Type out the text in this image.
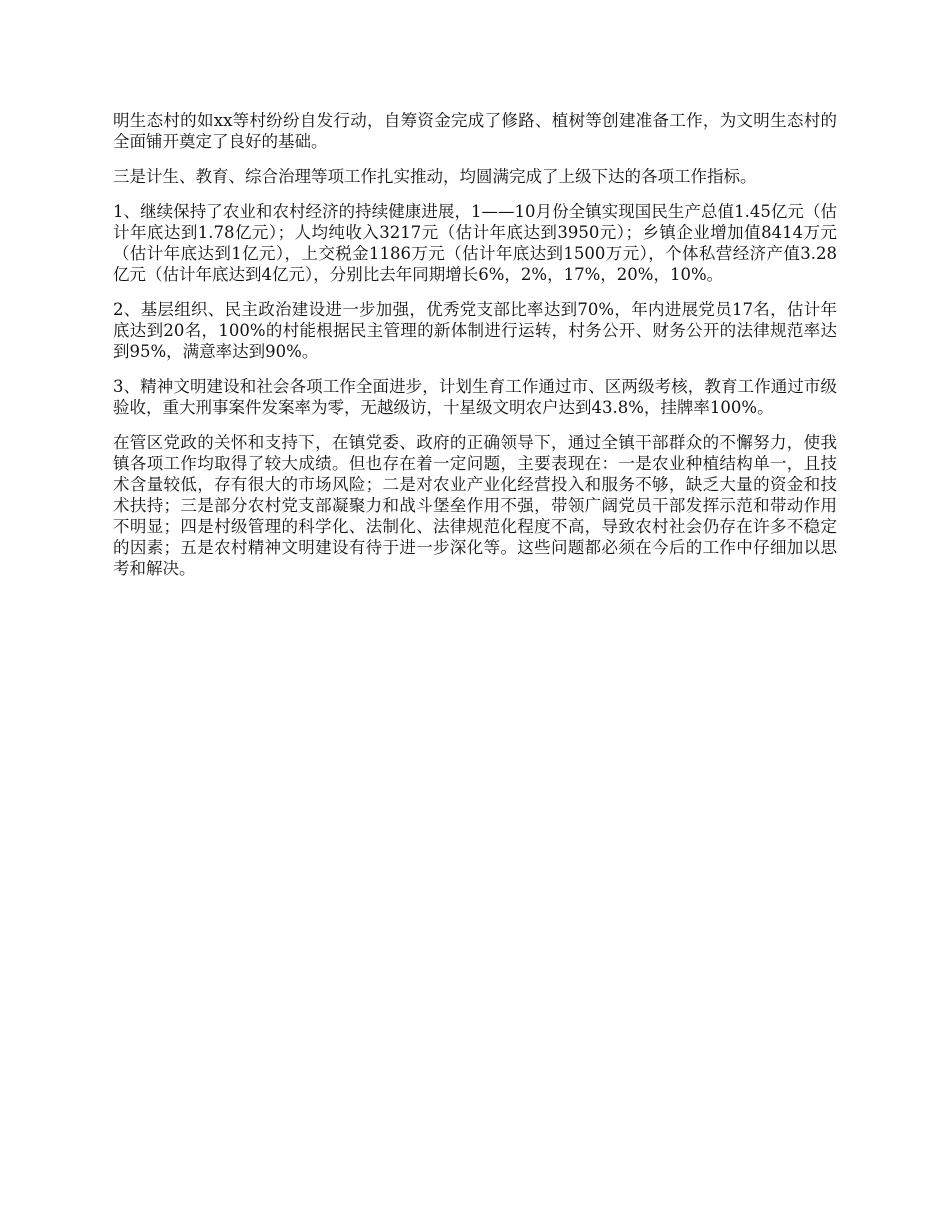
明生态村的如xx等村纷纷自发行动，自筹资金完成了修路、植树等创建准备工作，为文明生态村的全面铺开奠定了良好的基础。

三是计生、教育、综合治理等项工作扎实推动，均圆满完成了上级下达的各项工作指标。

1、继续保持了农业和农村经济的持续健康进展，1——10月份全镇实现国民生产总值1.45亿元（估计年底达到1.78亿元）；人均纯收入3217元（估计年底达到3950元）；乡镇企业增加值8414万元（估计年底达到1亿元），上交税金1186万元（估计年底达到1500万元），个体私营经济产值3.28亿元（估计年底达到4亿元），分别比去年同期增长6%，2%，17%，20%，10%。

2、基层组织、民主政治建设进一步加强，优秀党支部比率达到70%，年内进展党员17名，估计年底达到20名，100%的村能根据民主管理的新体制进行运转，村务公开、财务公开的法律规范率达到95%，满意率达到90%。

3、精神文明建设和社会各项工作全面进步，计划生育工作通过市、区两级考核，教育工作通过市级验收，重大刑事案件发案率为零，无越级访，十星级文明农户达到43.8%，挂牌率100%。

在管区党政的关怀和支持下，在镇党委、政府的正确领导下，通过全镇干部群众的不懈努力，使我镇各项工作均取得了较大成绩。但也存在着一定问题，主要表现在：一是农业种植结构单一，且技术含量较低，存有很大的市场风险；二是对农业产业化经营投入和服务不够，缺乏大量的资金和技术扶持；三是部分农村党支部凝聚力和战斗堡垒作用不强，带领广阔党员干部发挥示范和带动作用不明显；四是村级管理的科学化、法制化、法律规范化程度不高，导致农村社会仍存在许多不稳定的因素；五是农村精神文明建设有待于进一步深化等。这些问题都必须在今后的工作中仔细加以思考和解决。
